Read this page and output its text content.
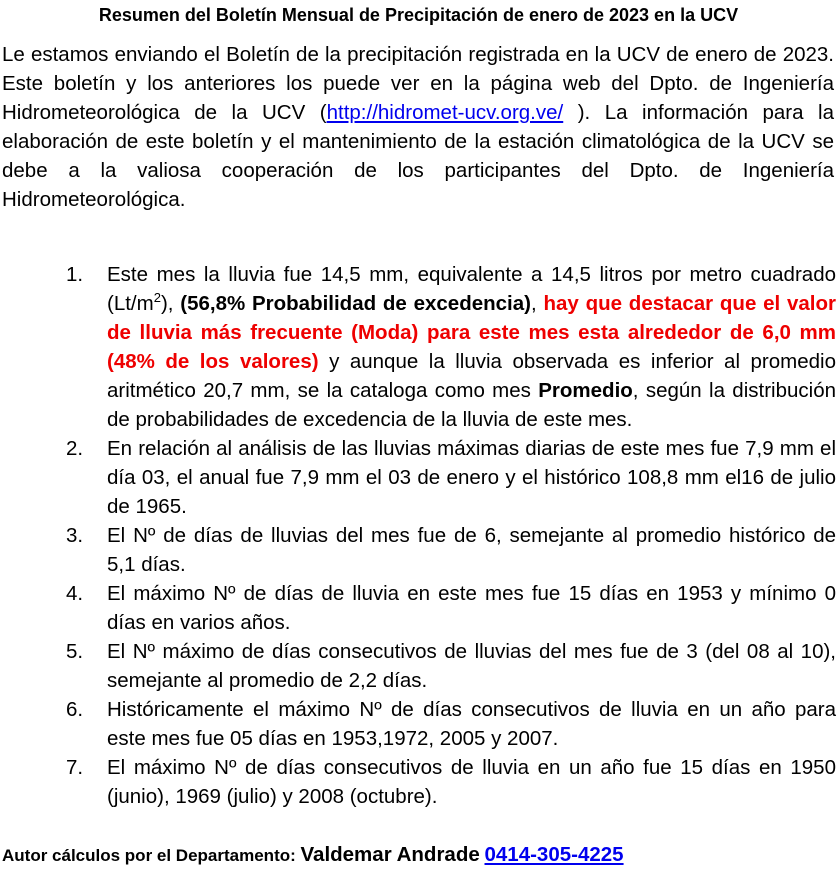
Resumen del Boletín Mensual de Precipitación de enero de 2023 en la UCV

Le estamos enviando el Boletín de la precipitación registrada en la UCV de enero de 2023. Este boletín y los anteriores los puede ver en la página web del Dpto. de Ingeniería Hidrometeorológica de la UCV (http://hidromet-ucv.org.ve/ ). La información para la elaboración de este boletín y el mantenimiento de la estación climatológica de la UCV se debe a la valiosa cooperación de los participantes del Dpto. de Ingeniería Hidrometeorológica.

1. Este mes la lluvia fue 14,5 mm, equivalente a 14,5 litros por metro cuadrado $(Lt/m^2)$, (56,8% Probabilidad de excedencia), hay que destacar que el valor de lluvia más frecuente (Moda) para este mes esta alrededor de 6,0 mm (48% de los valores) y aunque la lluvia observada es inferior al promedio aritmético 20,7 mm, se la cataloga como mes Promedio, según la distribución de probabilidades de excedencia de la lluvia de este mes.
2. En relación al análisis de las lluvias máximas diarias de este mes fue 7,9 mm el día 03, el anual fue 7,9 mm el 03 de enero y el histórico 108,8 mm el16 de julio de 1965.
3. El Nº de días de lluvias del mes fue de 6, semejante al promedio histórico de 5,1 días.
4. El máximo Nº de días de lluvia en este mes fue 15 días en 1953 y mínimo 0 días en varios años.
5. El Nº máximo de días consecutivos de lluvias del mes fue de 3 (del 08 al 10), semejante al promedio de 2,2 días.
6. Históricamente el máximo Nº de días consecutivos de lluvia en un año para este mes fue 05 días en 1953,1972, 2005 y 2007.
7. El máximo Nº de días consecutivos de lluvia en un año fue 15 días en 1950 (junio), 1969 (julio) y 2008 (octubre).
Autor cálculos por el Departamento: Valdemar Andrade 0414-305-4225
